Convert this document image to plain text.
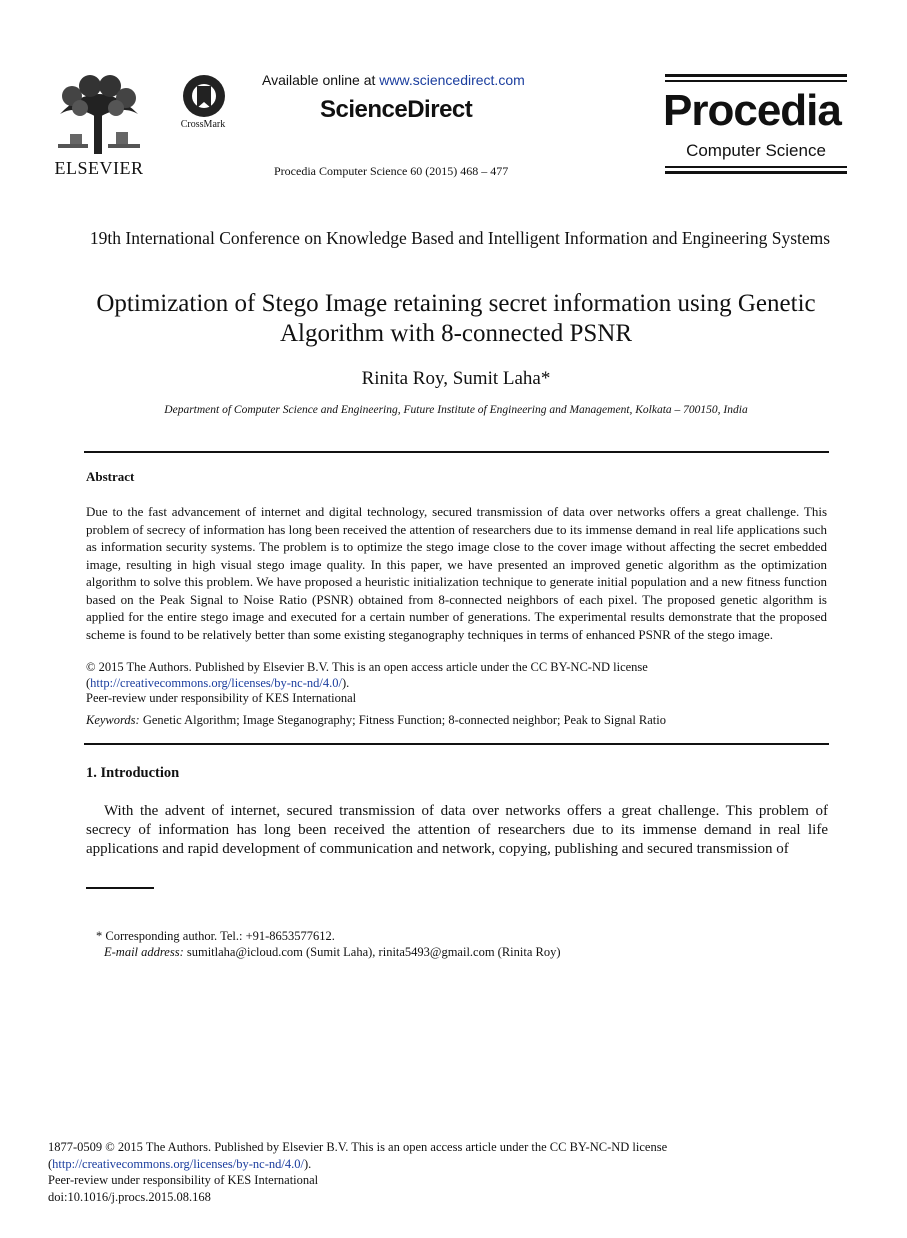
ELSEVIER
CrossMark
Available online at www.sciencedirect.com
ScienceDirect
Procedia Computer Science 60 (2015) 468 – 477
Procedia
Computer Science
19th International Conference on Knowledge Based and Intelligent Information and Engineering Systems
Optimization of Stego Image retaining secret information using Genetic Algorithm with 8-connected PSNR
Rinita Roy, Sumit Laha*
Department of Computer Science and Engineering, Future Institute of Engineering and Management, Kolkata – 700150, India
Abstract
Due to the fast advancement of internet and digital technology, secured transmission of data over networks offers a great challenge. This problem of secrecy of information has long been received the attention of researchers due to its immense demand in real life applications such as information security systems. The problem is to optimize the stego image close to the cover image without affecting the secret embedded image, resulting in high visual stego image quality. In this paper, we have presented an improved genetic algorithm as the optimization algorithm to solve this problem. We have proposed a heuristic initialization technique to generate initial population and a new fitness function based on the Peak Signal to Noise Ratio (PSNR) obtained from 8-connected neighbors of each pixel. The proposed genetic algorithm is applied for the entire stego image and executed for a certain number of generations. The experimental results demonstrate that the proposed scheme is found to be relatively better than some existing steganography techniques in terms of enhanced PSNR of the stego image.
© 2015 The Authors. Published by Elsevier B.V. This is an open access article under the CC BY-NC-ND license
(http://creativecommons.org/licenses/by-nc-nd/4.0/).
Peer-review under responsibility of KES International
Keywords: Genetic Algorithm; Image Steganography; Fitness Function; 8-connected neighbor; Peak to Signal Ratio
1. Introduction
With the advent of internet, secured transmission of data over networks offers a great challenge. This problem of secrecy of information has long been received the attention of researchers due to its immense demand in real life applications and rapid development of communication and network, copying, publishing and secured transmission of
* Corresponding author. Tel.: +91-8653577612.
E-mail address: sumitlaha@icloud.com (Sumit Laha), rinita5493@gmail.com (Rinita Roy)
1877-0509 © 2015 The Authors. Published by Elsevier B.V. This is an open access article under the CC BY-NC-ND license
(http://creativecommons.org/licenses/by-nc-nd/4.0/).
Peer-review under responsibility of KES International
doi:10.1016/j.procs.2015.08.168
